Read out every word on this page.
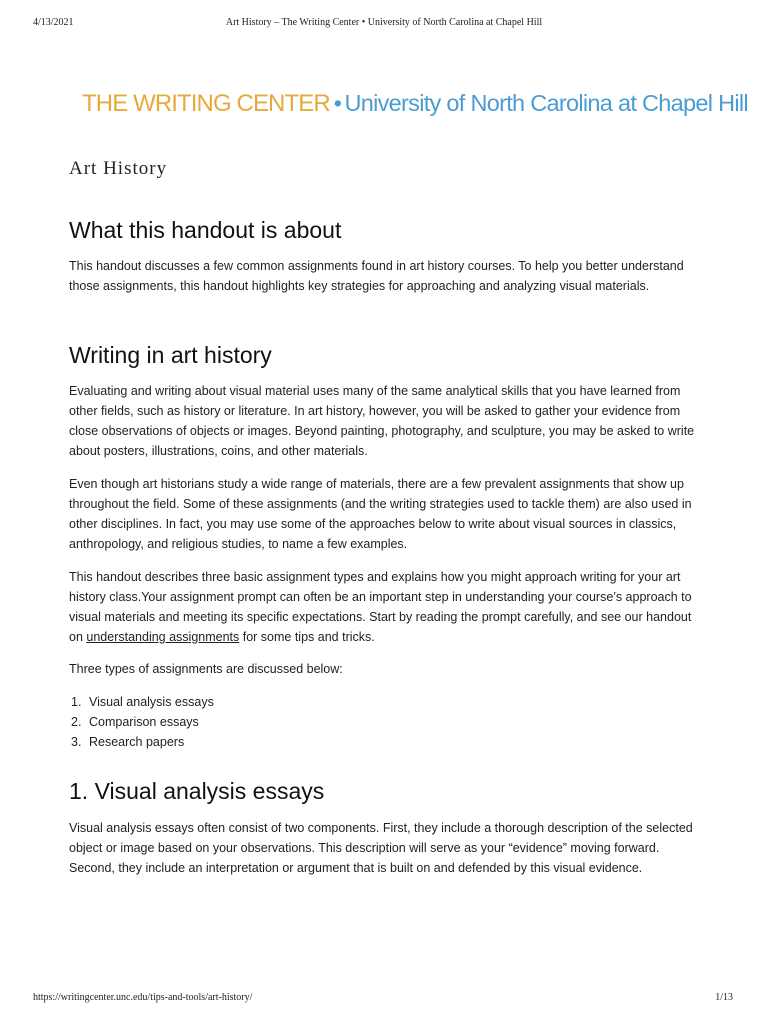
4/13/2021	Art History – The Writing Center • University of North Carolina at Chapel Hill
THE WRITING CENTER • University of North Carolina at Chapel Hill
Art History
What this handout is about

This handout discusses a few common assignments found in art history courses. To help you better understand those assignments, this handout highlights key strategies for approaching and analyzing visual materials.

Writing in art history

Evaluating and writing about visual material uses many of the same analytical skills that you have learned from other fields, such as history or literature. In art history, however, you will be asked to gather your evidence from close observations of objects or images. Beyond painting, photography, and sculpture, you may be asked to write about posters, illustrations, coins, and other materials.

Even though art historians study a wide range of materials, there are a few prevalent assignments that show up throughout the field. Some of these assignments (and the writing strategies used to tackle them) are also used in other disciplines. In fact, you may use some of the approaches below to write about visual sources in classics, anthropology, and religious studies, to name a few examples.

This handout describes three basic assignment types and explains how you might approach writing for your art history class.Your assignment prompt can often be an important step in understanding your course’s approach to visual materials and meeting its specific expectations. Start by reading the prompt carefully, and see our handout on understanding assignments for some tips and tricks.

Three types of assignments are discussed below:

1. Visual analysis essays
2. Comparison essays
3. Research papers
1. Visual analysis essays

Visual analysis essays often consist of two components. First, they include a thorough description of the selected object or image based on your observations. This description will serve as your “evidence” moving forward. Second, they include an interpretation or argument that is built on and defended by this visual evidence.

https://writingcenter.unc.edu/tips-and-tools/art-history/	1/13
